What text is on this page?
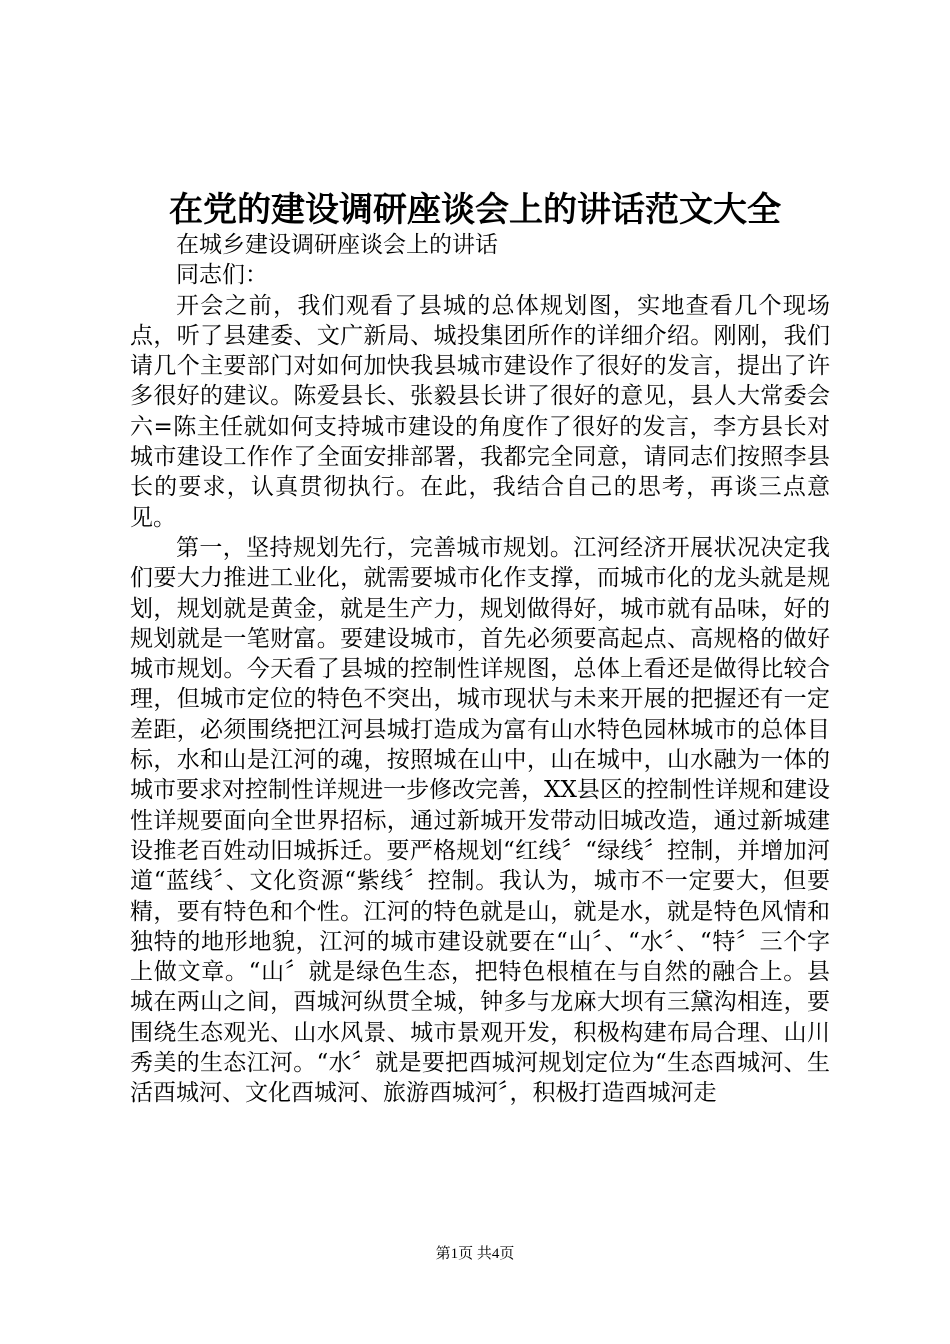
在党的建设调研座谈会上的讲话范文大全
在城乡建设调研座谈会上的讲话
同志们：

开会之前，我们观看了县城的总体规划图，实地查看几个现场点，听了县建委、文广新局、城投集团所作的详细介绍。刚刚，我们请几个主要部门对如何加快我县城市建设作了很好的发言，提出了许多很好的建议。陈爱县长、张毅县长讲了很好的意见，县人大常委会六=陈主任就如何支持城市建设的角度作了很好的发言，李方县长对城市建设工作作了全面安排部署，我都完全同意，请同志们按照李县长的要求，认真贯彻执行。在此，我结合自己的思考，再谈三点意见。

第一，坚持规划先行，完善城市规划。江河经济开展状况决定我们要大力推进工业化，就需要城市化作支撑，而城市化的龙头就是规划，规划就是黄金，就是生产力，规划做得好，城市就有品味，好的规划就是一笔财富。要建设城市，首先必须要高起点、高规格的做好城市规划。今天看了县城的控制性详规图，总体上看还是做得比较合理，但城市定位的特色不突出，城市现状与未来开展的把握还有一定差距，必须围绕把江河县城打造成为富有山水特色园林城市的总体目标，水和山是江河的魂，按照城在山中，山在城中，山水融为一体的城市要求对控制性详规进一步修改完善，XX县区的控制性详规和建设性详规要面向全世界招标，通过新城开发带动旧城改造，通过新城建设推老百姓动旧城拆迁。要严格规划“红线〞“绿线〞控制，并增加河道“蓝线〞、文化资源“紫线〞控制。我认为，城市不一定要大，但要精，要有特色和个性。江河的特色就是山，就是水，就是特色风情和独特的地形地貌，江河的城市建设就要在“山〞、“水〞、“特〞三个字上做文章。“山〞就是绿色生态，把特色根植在与自然的融合上。县城在两山之间，酉城河纵贯全城，钟多与龙麻大坝有三黛沟相连，要围绕生态观光、山水风景、城市景观开发，积极构建布局合理、山川秀美的生态江河。“水〞就是要把酉城河规划定位为“生态酉城河、生活酉城河、文化酉城河、旅游酉城河〞，积极打造酉城河走

第1页 共4页
